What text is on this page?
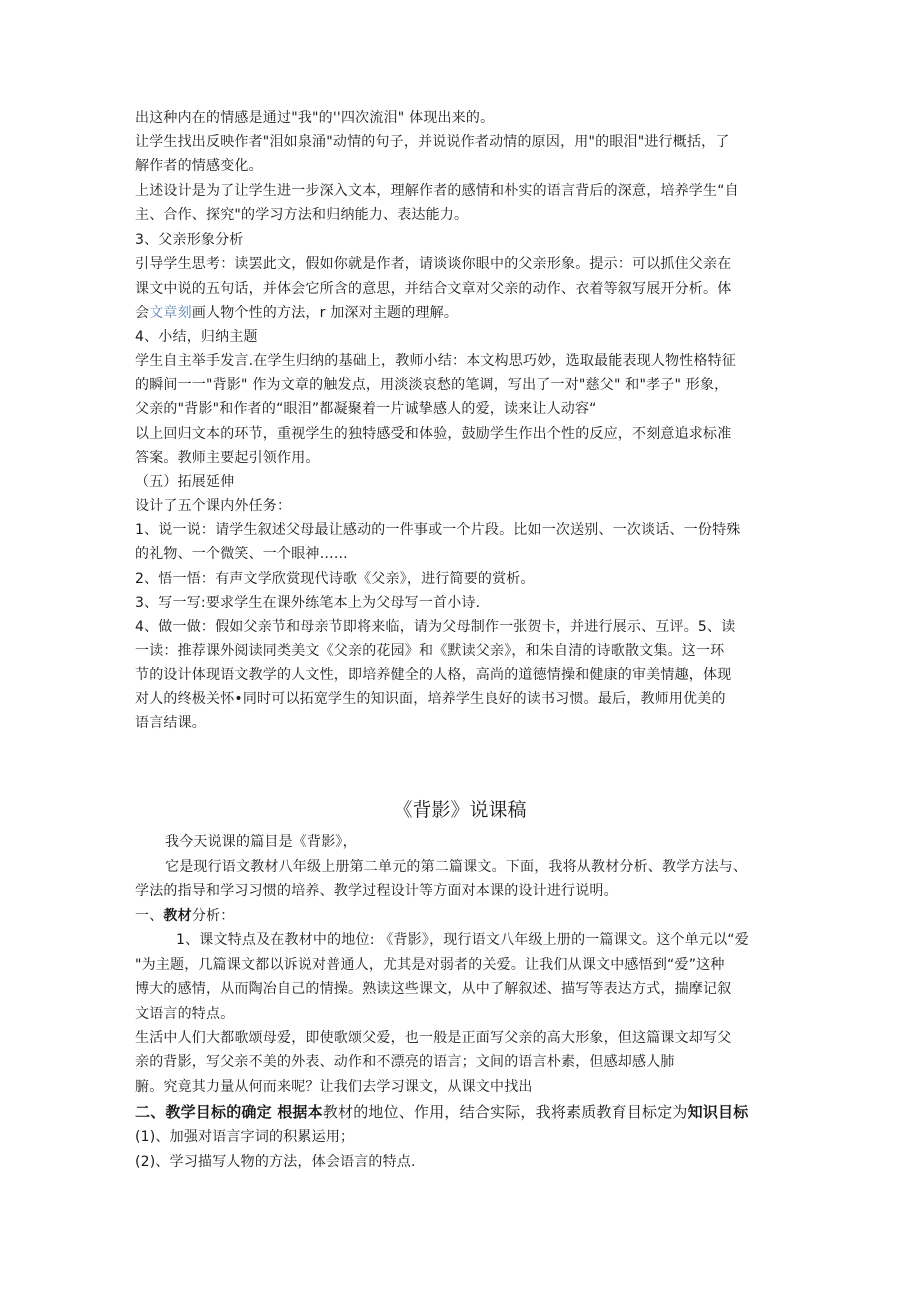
出这种内在的情感是通过"我"的''四次流泪" 体现出来的。
让学生找出反映作者"泪如泉涌"动情的句子，并说说作者动情的原因，用"的眼泪"进行概括，了
解作者的情感变化。
上述设计是为了让学生进一步深入文本，理解作者的感情和朴实的语言背后的深意，培养学生“自
主、合作、探究"的学习方法和归纳能力、表达能力。
3、父亲形象分析
引导学生思考：读罢此文，假如你就是作者，请谈谈你眼中的父亲形象。提示：可以抓住父亲在
课文中说的五句话，并体会它所含的意思，并结合文章对父亲的动作、衣着等叙写展开分析。体
会文章刻画人物个性的方法，r 加深对主题的理解。
4、小结，归纳主题
学生自主举手发言.在学生归纳的基础上，教师小结：本文构思巧妙，选取最能表现人物性格特征
的瞬间一一"背影" 作为文章的触发点，用淡淡哀愁的笔调，写出了一对"慈父" 和"孝子" 形象，
父亲的"背影"和作者的“眼泪”都凝聚着一片诚挚感人的爱，读来让人动容“
以上回归文本的环节，重视学生的独特感受和体验，鼓励学生作出个性的反应，不刻意追求标准
答案。教师主要起引领作用。
（五）拓展延伸
设计了五个课内外任务：
1、说一说：请学生叙述父母最让感动的一件事或一个片段。比如一次送别、一次谈话、一份特殊
的礼物、一个微笑、一个眼神……
2、悟一悟：有声文学欣赏现代诗歌《父亲》，进行简要的赏析。
3、写一写:要求学生在课外练笔本上为父母写一首小诗.
4、做一做：假如父亲节和母亲节即将来临，请为父母制作一张贺卡，并进行展示、互评。5、读
一读：推荐课外阅读同类美文《父亲的花园》和《默读父亲》，和朱自清的诗歌散文集。这一环
节的设计体现语文教学的人文性，即培养健全的人格，高尚的道德情操和健康的审美情趣，体现
对人的终极关怀•同时可以拓宽学生的知识面，培养学生良好的读书习惯。最后，教师用优美的
语言结课。
《背影》说课稿
我今天说课的篇目是《背影》，
它是现行语文教材八年级上册第二单元的第二篇课文。下面，我将从教材分析、教学方法与、
学法的指导和学习习惯的培养、教学过程设计等方面对本课的设计进行说明。
一、教材分析：
1、课文特点及在教材中的地位: 《背影》，现行语文八年级上册的一篇课文。这个单元以“爱
"为主题，几篇课文都以诉说对普通人，尤其是对弱者的关爱。让我们从课文中感悟到“爱”这种
博大的感情，从而陶冶自己的情操。熟读这些课文，从中了解叙述、描写等表达方式，揣摩记叙
文语言的特点。
生活中人们大都歌颂母爱，即使歌颂父爱，也一般是正面写父亲的高大形象，但这篇课文却写父
亲的背影，写父亲不美的外表、动作和不漂亮的语言；文间的语言朴素，但感却感人肺
腑。究竟其力量从何而来呢？让我们去学习课文，从课文中找出
二、教学目标的确定 根据本教材的地位、作用，结合实际，我将素质教育目标定为知识目标
(1)、加强对语言字词的积累运用；
(2)、学习描写人物的方法，体会语言的特点.
